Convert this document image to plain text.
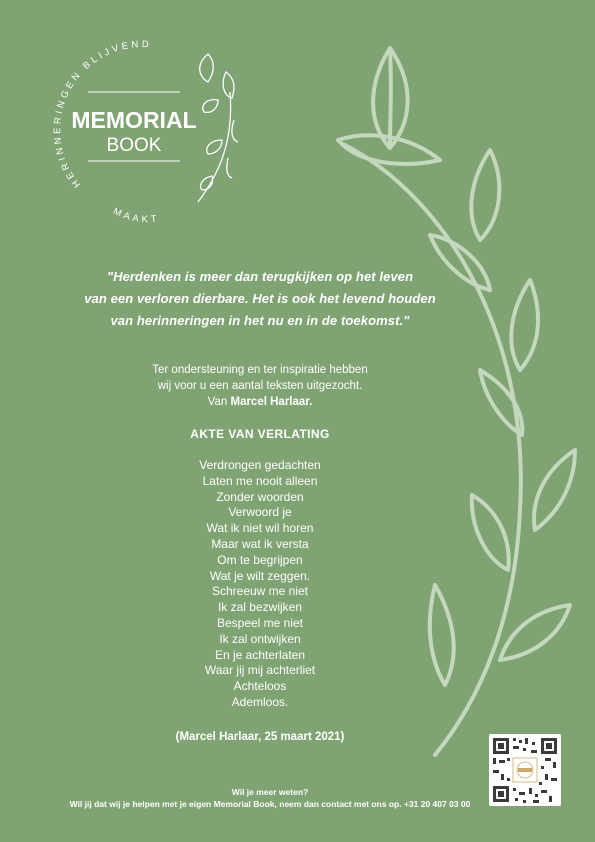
HERINNERINGEN BLIJVEND
MAAKT
MEMORIAL
BOOK
"Herdenken is meer dan terugkijken op het leven
van een verloren dierbare. Het is ook het levend houden
van herinneringen in het nu en in de toekomst."
Ter ondersteuning en ter inspiratie hebben
wij voor u een aantal teksten uitgezocht.
Van Marcel Harlaar.
AKTE VAN VERLATING
Verdrongen gedachten
Laten me nooit alleen
Zonder woorden
Verwoord je
Wat ik niet wil horen
Maar wat ik versta
Om te begrijpen
Wat je wilt zeggen.
Schreeuw me niet
Ik zal bezwijken
Bespeel me niet
Ik zal ontwijken
En je achterlaten
Waar jij mij achterliet
Achteloos
Ademloos.
(Marcel Harlaar, 25 maart 2021)
Wil je meer weten?
Wil jij dat wij je helpen met je eigen Memorial Book, neem dan contact met ons op. +31 20 407 03 00
